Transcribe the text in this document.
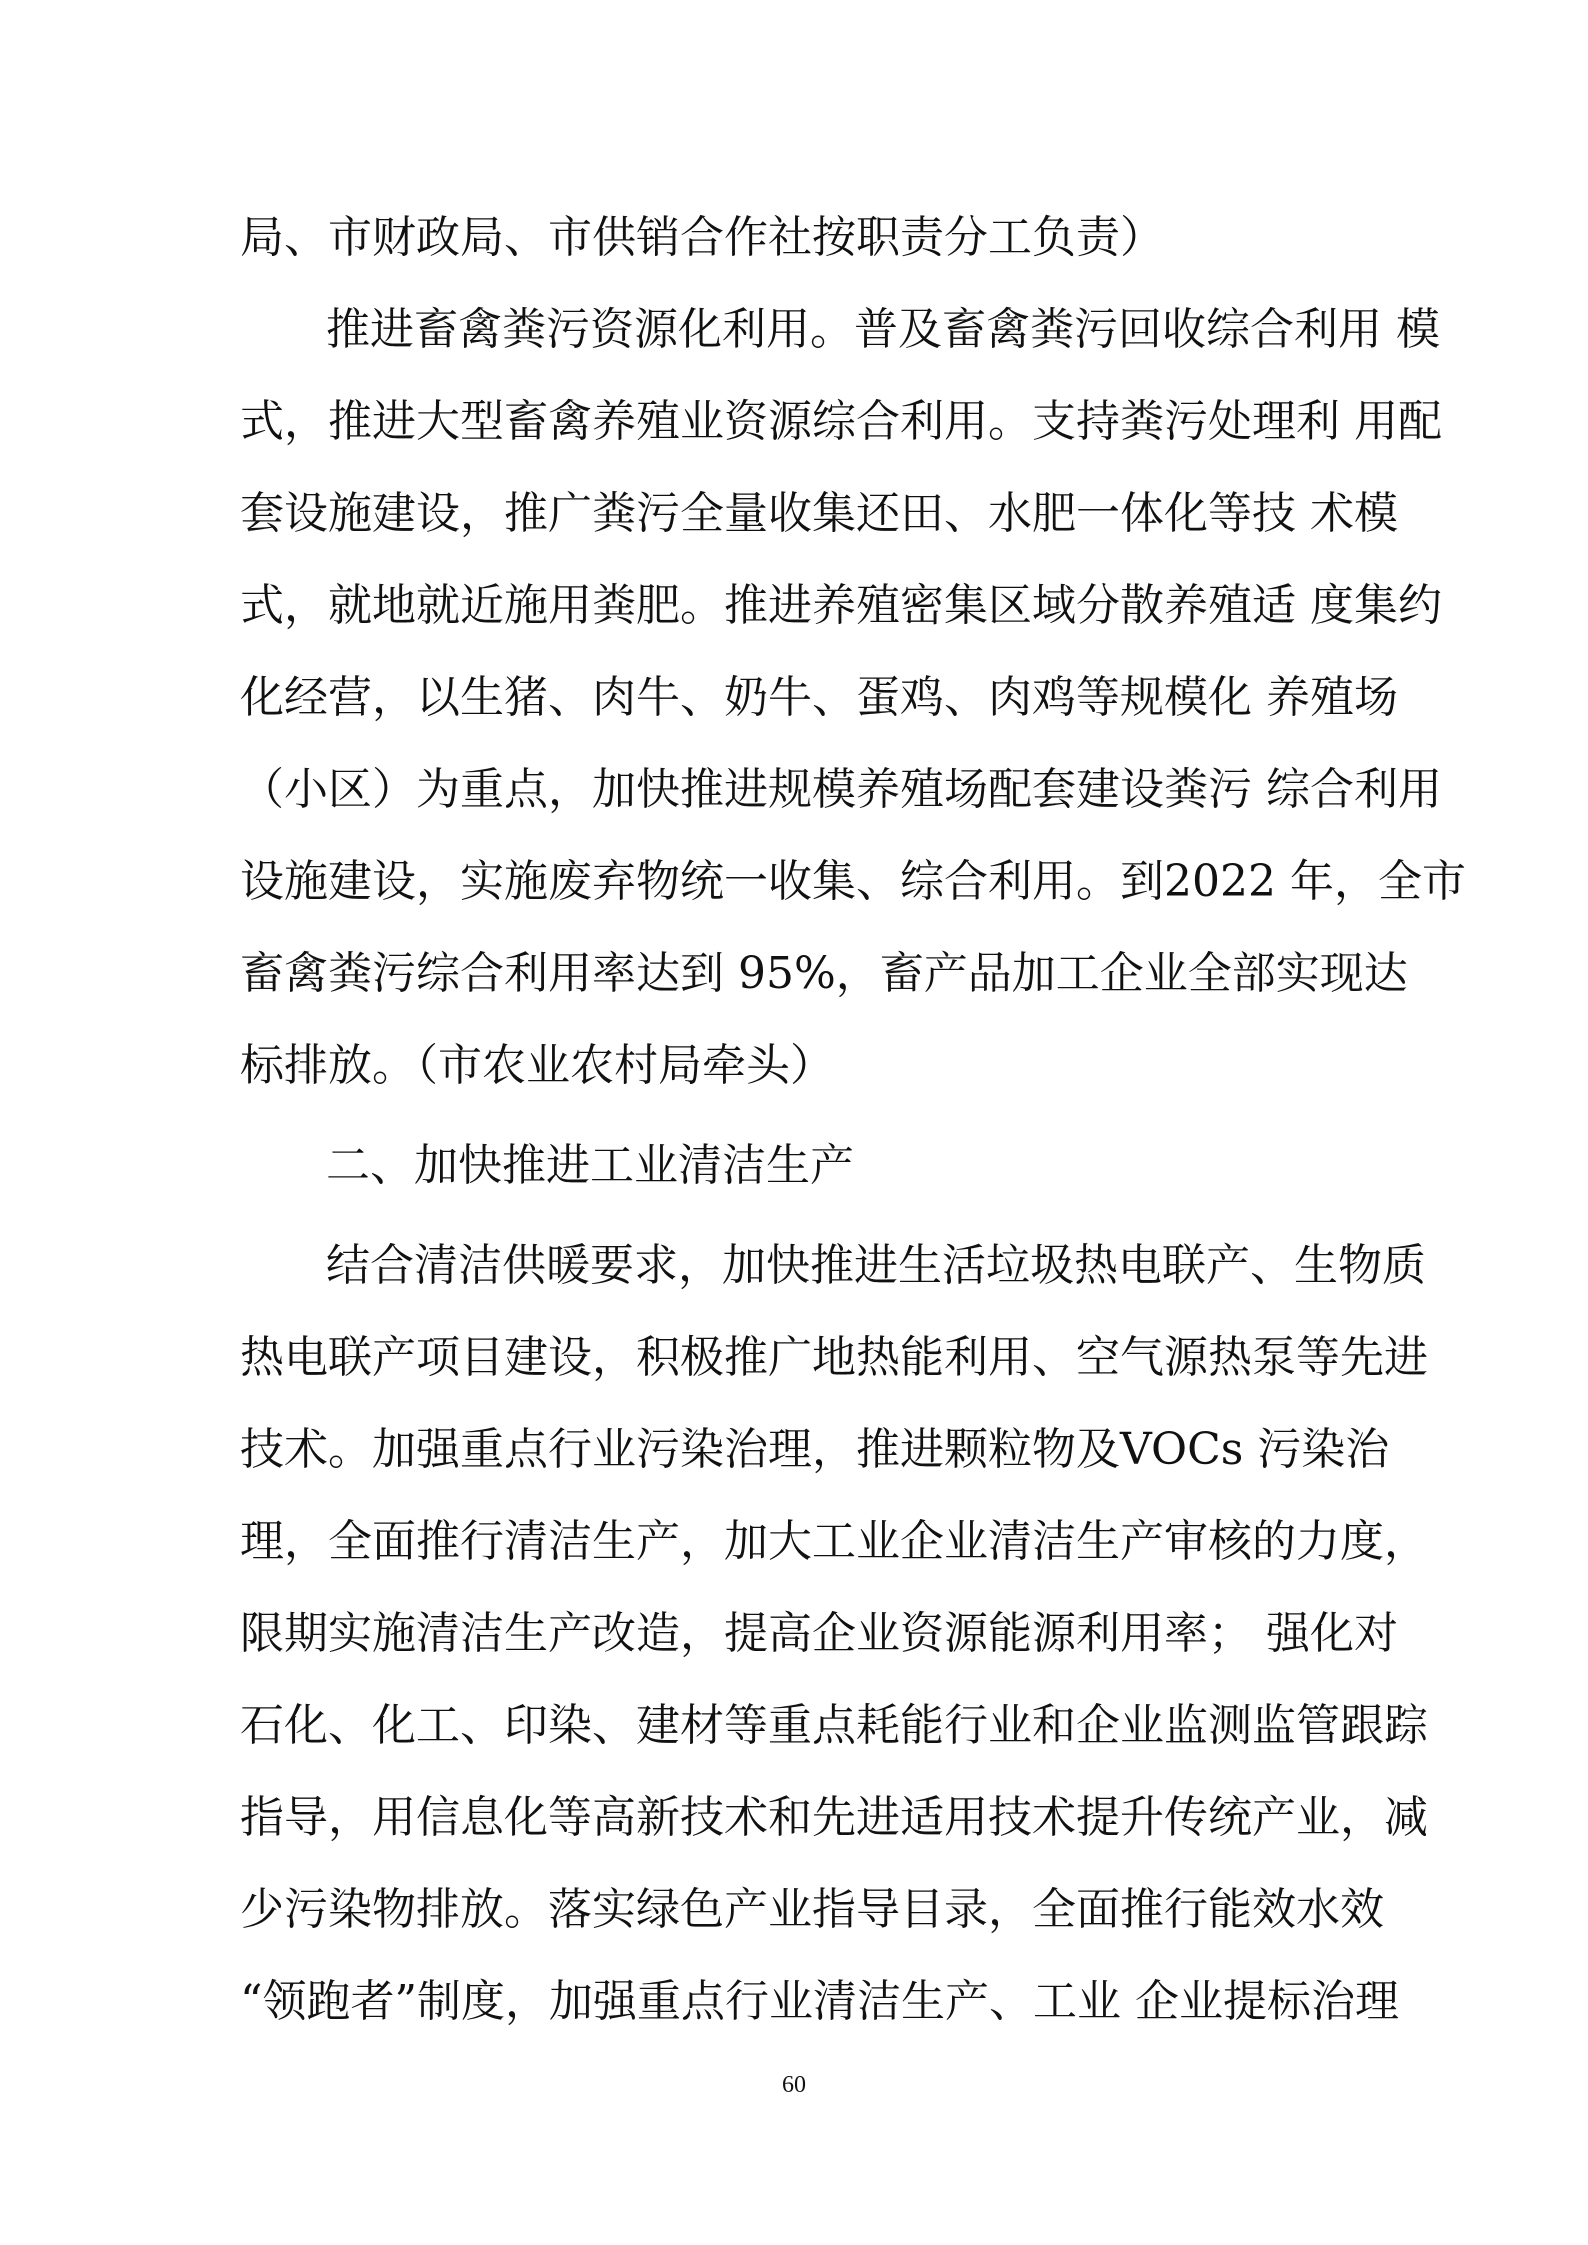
局、市财政局、市供销合作社按职责分工负责）
推进畜禽粪污资源化利用。普及畜禽粪污回收综合利用 模
式，推进大型畜禽养殖业资源综合利用。支持粪污处理利 用配
套设施建设，推广粪污全量收集还田、水肥一体化等技 术模
式，就地就近施用粪肥。推进养殖密集区域分散养殖适 度集约
化经营，以生猪、肉牛、奶牛、蛋鸡、肉鸡等规模化 养殖场
（小区）为重点，加快推进规模养殖场配套建设粪污 综合利用
设施建设，实施废弃物统一收集、综合利用。到2022 年，全市
畜禽粪污综合利用率达到 95%，畜产品加工企业全部实现达
标排放。（市农业农村局牵头）
二、加快推进工业清洁生产
结合清洁供暖要求，加快推进生活垃圾热电联产、生物质
热电联产项目建设，积极推广地热能利用、空气源热泵等先进
技术。加强重点行业污染治理，推进颗粒物及VOCs 污染治
理，全面推行清洁生产，加大工业企业清洁生产审核的力度，
限期实施清洁生产改造，提高企业资源能源利用率； 强化对
石化、化工、印染、建材等重点耗能行业和企业监测监管跟踪
指导，用信息化等高新技术和先进适用技术提升传统产业，减
少污染物排放。落实绿色产业指导目录，全面推行能效水效
“领跑者”制度，加强重点行业清洁生产、工业 企业提标治理
60
